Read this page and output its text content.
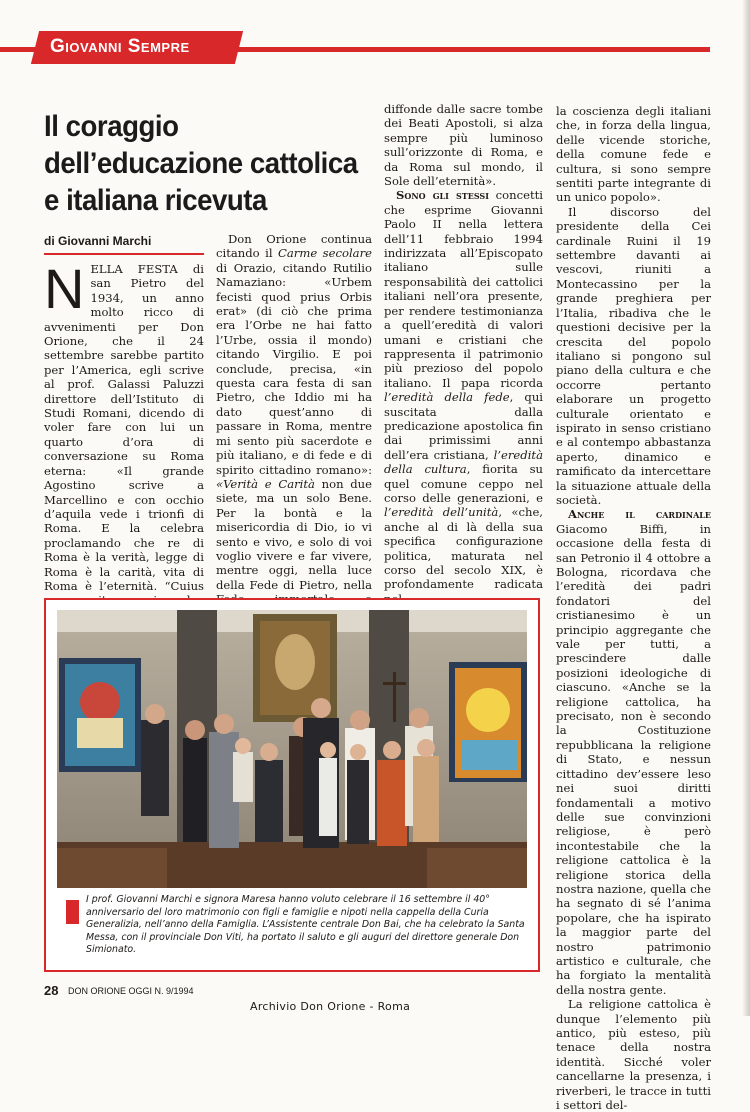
Giovanni Sempre
Il coraggio
dell’educazione cattolica
e italiana ricevuta
di Giovanni Marchi

NELLA FESTA di san Pietro del 1934, un anno molto ricco di avvenimenti per Don Orione, che il 24 settembre sarebbe partito per l’America, egli scrive al prof. Galassi Paluzzi direttore dell’Istituto di Studi Romani, dicendo di voler fare con lui un quarto d’ora di conversazione su Roma eterna: «Il grande Agostino scrive a Marcellino e con occhio d’aquila vede i trionfi di Roma. E la celebra proclamando che re di Roma è la verità, legge di Roma è la carità, vita di Roma è l’eternità. “Cuius

Don Orione continua citando il Carme secolare di Orazio, citando Rutilio Namaziano: «Urbem fecisti quod prius Orbis erat» (di ciò che prima era l’Orbe ne hai fatto l’Urbe, ossia il mondo) citando Virgilio. E poi conclude, precisa, «in questa cara festa di san Pietro, che Iddio mi ha dato quest’anno di passare in Roma, mentre mi sento più sacerdote e più italiano, e di fede e di spirito cittadino romano»: «Verità e Carità non due siete, ma un solo Bene. Per la bontà e la misericordia di Dio, io vi sento e vivo, e solo di voi voglio vivere e far vivere, mentre oggi, nella luce della Fede di Pietro, nella

diffonde dalle sacre tombe dei Beati Apostoli, si alza sempre più luminoso sull’orizzonte di Roma, e da Roma sul mondo, il Sole dell’eternità».

Sono gli stessi concetti che esprime Giovanni Paolo II nella lettera dell’11 febbraio 1994 indirizzata all’Episcopato italiano sulle responsabilità dei cattolici italiani nell’ora presente, per rendere testimonianza a quell’eredità di valori umani e cristiani che rappresenta il patrimonio più prezioso del popolo italiano. Il papa ricorda l’eredità della fede, qui suscitata dalla predicazione apostolica fin dai primissimi anni dell’era cristiana, l’eredità della cultura, fiorita su quel comune ceppo nel corso delle generazioni, e l’eredità dell’unità, «che, anche al di là della sua specifica configurazione politica, maturata nel corso del secolo XIX, è profondamente radicata

la coscienza degli italiani che, in forza della lingua, delle vicende storiche, della comune fede e cultura, si sono sempre sentiti parte integrante di un unico popolo».

Il discorso del presidente della Cei cardinale Ruini il 19 settembre davanti ai vescovi, riuniti a Montecassino per la grande preghiera per l’Italia, ribadiva che le questioni decisive per la crescita del popolo italiano si pongono sul piano della cultura e che occorre pertanto elaborare un progetto culturale orientato e ispirato in senso cristiano e al contempo abbastanza aperto, dinamico e ramificato da intercettare la situazione attuale della società.

Anche il cardinale Giacomo Biffi, in occasione della festa di san Petronio il 4 ottobre a Bologna, ricordava che l’eredità dei padri fondatori del cristianesimo è un principio aggregante che vale per tutti, a prescindere dalle posizioni ideologiche di ciascuno. «Anche se la religione cattolica, ha precisato, non è secondo la Costituzione repubblicana la religione di Stato, e nessun cittadino dev’essere leso nei suoi diritti fondamentali a motivo delle sue convinzioni religiose, è però incontestabile che la religione cattolica è la religione storica della nostra nazione, quella che ha segnato di sé l’anima popolare, che ha ispirato la maggior parte del nostro patrimonio artistico e culturale, che ha forgiato la mentalità della nostra gente.

La religione cattolica è dunque l’elemento più antico, più esteso, più tenace della nostra identità. Sicché voler cancellarne la presenza, i riverberi, le tracce in tutti i settori del-

I prof. Giovanni Marchi e signora Maresa hanno voluto celebrare il 16 settembre il 40° anniversario del loro matrimonio con figli e famiglie e nipoti nella cappella della Curia Generalizia, nell’anno della Famiglia. L’Assistente centrale Don Bai, che ha celebrato la Santa Messa, con il provinciale Don Viti, ha portato il saluto e gli auguri del direttore generale Don Simionato.

28 DON ORIONE OGGI N. 9/1994
Archivio Don Orione - Roma
